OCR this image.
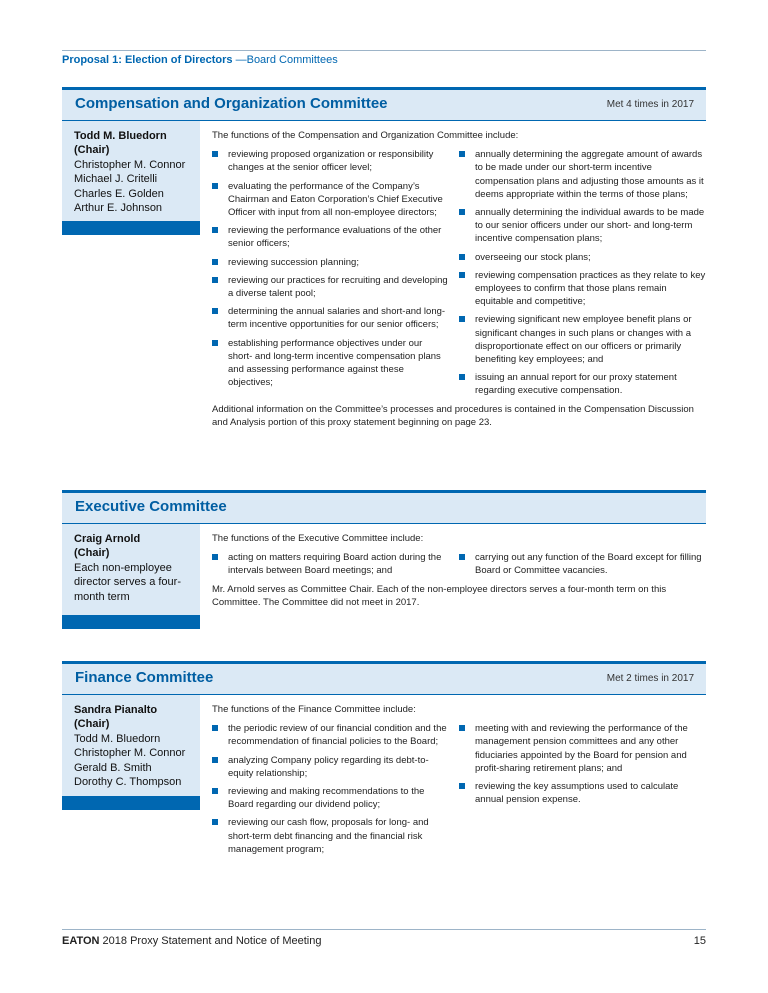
Proposal 1: Election of Directors —Board Committees
Compensation and Organization Committee	Met 4 times in 2017
Todd M. Bluedorn
(Chair)
Christopher M. Connor
Michael J. Critelli
Charles E. Golden
Arthur E. Johnson

The functions of the Compensation and Organization Committee include:

reviewing proposed organization or responsibility changes at the senior officer level;
evaluating the performance of the Company’s Chairman and Eaton Corporation’s Chief Executive Officer with input from all non-employee directors;
reviewing the performance evaluations of the other senior officers;
reviewing succession planning;
reviewing our practices for recruiting and developing a diverse talent pool;
determining the annual salaries and short-and long-term incentive opportunities for our senior officers;
establishing performance objectives under our short- and long-term incentive compensation plans and assessing performance against these objectives;
annually determining the aggregate amount of awards to be made under our short-term incentive compensation plans and adjusting those amounts as it deems appropriate within the terms of those plans;
annually determining the individual awards to be made to our senior officers under our short- and long-term incentive compensation plans;
overseeing our stock plans;
reviewing compensation practices as they relate to key employees to confirm that those plans remain equitable and competitive;
reviewing significant new employee benefit plans or significant changes in such plans or changes with a disproportionate effect on our officers or primarily benefiting key employees; and
issuing an annual report for our proxy statement regarding executive compensation.

Additional information on the Committee’s processes and procedures is contained in the Compensation Discussion and Analysis portion of this proxy statement beginning on page 23.

Executive Committee
Craig Arnold
(Chair)
Each non-employee director serves a four-month term

The functions of the Executive Committee include:

acting on matters requiring Board action during the intervals between Board meetings; and
carrying out any function of the Board except for filling Board or Committee vacancies.

Mr. Arnold serves as Committee Chair. Each of the non-employee directors serves a four-month term on this Committee. The Committee did not meet in 2017.

Finance Committee	Met 2 times in 2017
Sandra Pianalto
(Chair)
Todd M. Bluedorn
Christopher M. Connor
Gerald B. Smith
Dorothy C. Thompson

The functions of the Finance Committee include:

the periodic review of our financial condition and the recommendation of financial policies to the Board;
analyzing Company policy regarding its debt-to-equity relationship;
reviewing and making recommendations to the Board regarding our dividend policy;
reviewing our cash flow, proposals for long- and short-term debt financing and the financial risk management program;
meeting with and reviewing the performance of the management pension committees and any other fiduciaries appointed by the Board for pension and profit-sharing retirement plans; and
reviewing the key assumptions used to calculate annual pension expense.
EATON 2018 Proxy Statement and Notice of Meeting	15
